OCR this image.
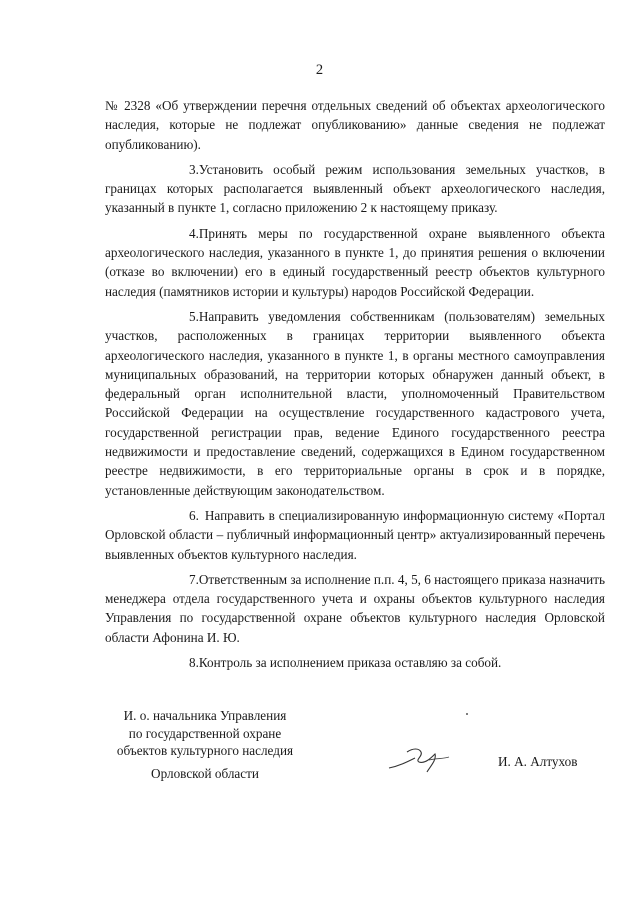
2

№ 2328 «Об утверждении перечня отдельных сведений об объектах археологического наследия, которые не подлежат опубликованию» данные сведения не подлежат опубликованию).

3.Установить особый режим использования земельных участков, в границах которых располагается выявленный объект археологического наследия, указанный в пункте 1, согласно приложению 2 к настоящему приказу.

4.Принять меры по государственной охране выявленного объекта археологического наследия, указанного в пункте 1, до принятия решения о включении (отказе во включении) его в единый государственный реестр объектов культурного наследия (памятников истории и культуры) народов Российской Федерации.

5.Направить уведомления собственникам (пользователям) земельных участков, расположенных в границах территории выявленного объекта археологического наследия, указанного в пункте 1, в органы местного самоуправления муниципальных образований, на территории которых обнаружен данный объект, в федеральный орган исполнительной власти, уполномоченный Правительством Российской Федерации на осуществление государственного кадастрового учета, государственной регистрации прав, ведение Единого государственного реестра недвижимости и предоставление сведений, содержащихся в Едином государственном реестре недвижимости, в его территориальные органы в срок и в порядке, установленные действующим законодательством.

6. Направить в специализированную информационную систему «Портал Орловской области – публичный информационный центр» актуализированный перечень выявленных объектов культурного наследия.

7.Ответственным за исполнение п.п. 4, 5, 6 настоящего приказа назначить менеджера отдела государственного учета и охраны объектов культурного наследия Управления по государственной охране объектов культурного наследия Орловской области Афонина И. Ю.

8.Контроль за исполнением приказа оставляю за собой.

И. о. начальника Управления
по государственной охране
объектов культурного наследия
Орловской области
И. А. Алтухов
